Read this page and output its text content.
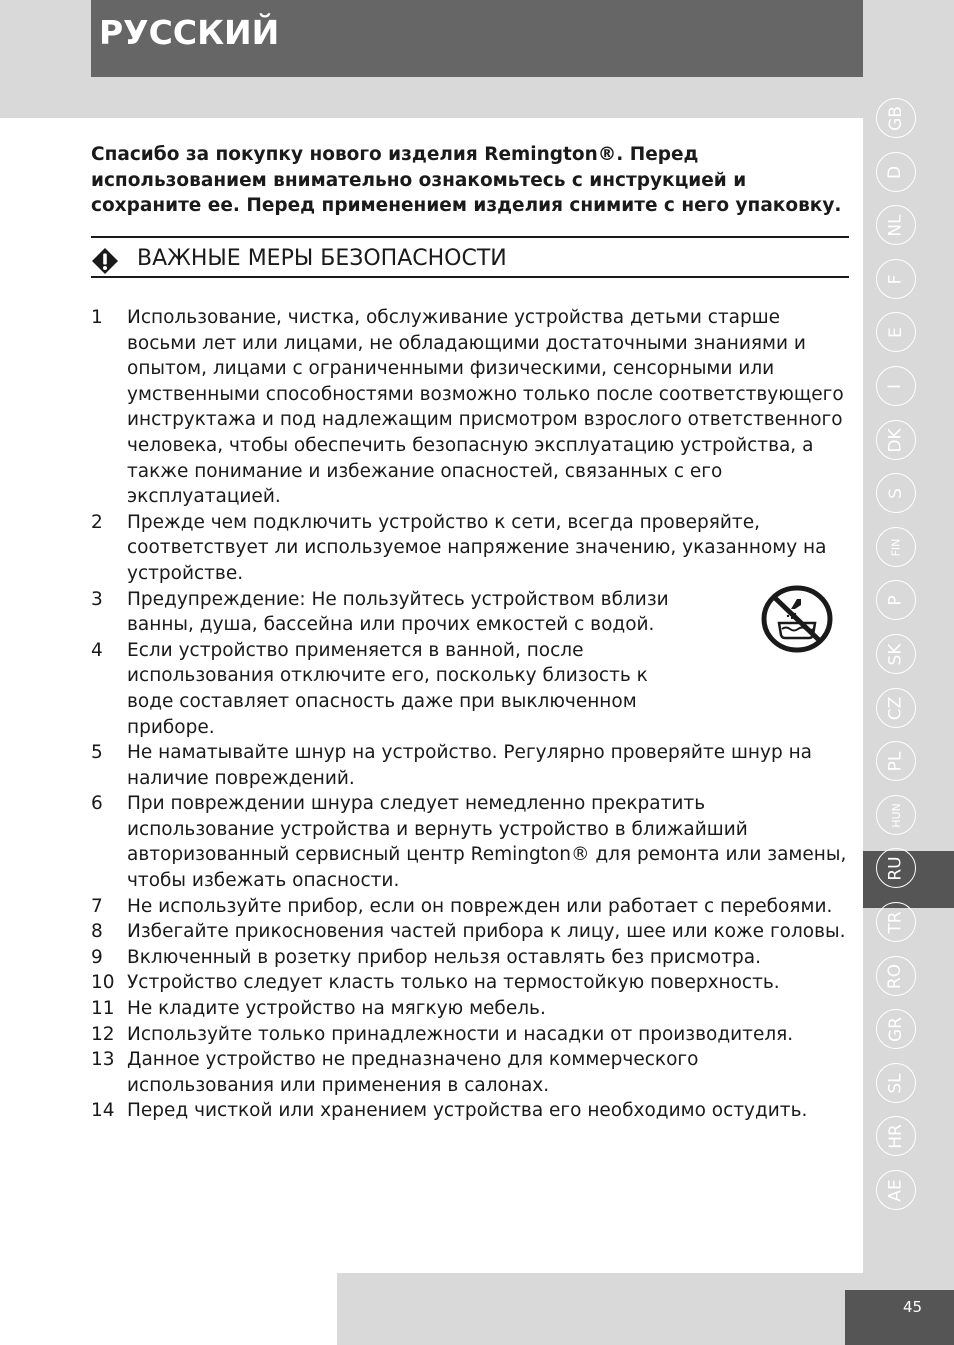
РУССКИЙ

Спасибо за покупку нового изделия Remington®. Перед использованием внимательно ознакомьтесь с инструкцией и сохраните ее. Перед применением изделия снимите с него упаковку.

ВАЖНЫЕ МЕРЫ БЕЗОПАСНОСТИ
1 Использование, чистка, обслуживание устройства детьми старше восьми лет или лицами, не обладающими достаточными знаниями и опытом, лицами с ограниченными физическими, сенсорными или умственными способностями возможно только после соответствующего инструктажа и под надлежащим присмотром взрослого ответственного человека, чтобы обеспечить безопасную эксплуатацию устройства, а также понимание и избежание опасностей, связанных с его эксплуатацией.
2 Прежде чем подключить устройство к сети, всегда проверяйте, соответствует ли используемое напряжение значению, указанному на устройстве.
3 Предупреждение: Не пользуйтесь устройством вблизи ванны, душа, бассейна или прочих емкостей с водой.
4 Если устройство применяется в ванной, после использования отключите его, поскольку близость к воде составляет опасность даже при выключенном приборе.
5 Не наматывайте шнур на устройство. Регулярно проверяйте шнур на наличие повреждений.
6 При повреждении шнура следует немедленно прекратить использование устройства и вернуть устройство в ближайший авторизованный сервисный центр Remington® для ремонта или замены, чтобы избежать опасности.
7 Не используйте прибор, если он поврежден или работает с перебоями.
8 Избегайте прикосновения частей прибора к лицу, шее или коже головы.
9 Включенный в розетку прибор нельзя оставлять без присмотра.
10 Устройство следует класть только на термостойкую поверхность.
11 Не кладите устройство на мягкую мебель.
12 Используйте только принадлежности и насадки от производителя.
13 Данное устройство не предназначено для коммерческого использования или применения в салонах.
14 Перед чисткой или хранением устройства его необходимо остудить.
GB
D
NL
F
E
I
DK
S
FIN
P
SK
CZ
PL
HUN
RU
TR
RO
GR
SL
HR
AE
45
